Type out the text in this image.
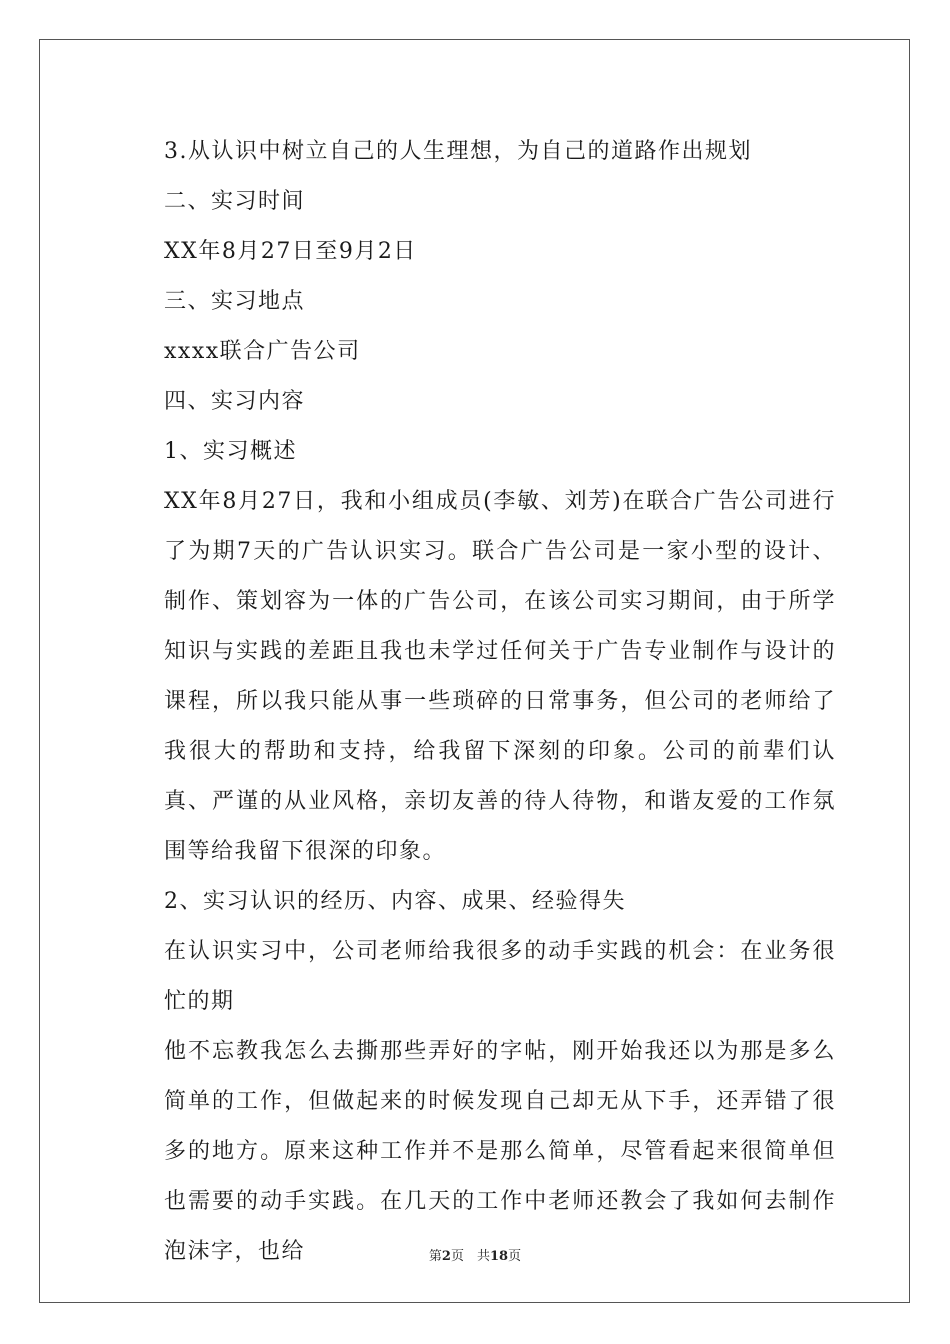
3.从认识中树立自己的人生理想，为自己的道路作出规划
二、实习时间
XX年8月27日至9月2日
三、实习地点
xxxx联合广告公司
四、实习内容
1、实习概述

XX年8月27日，我和小组成员(李敏、刘芳)在联合广告公司进行了为期7天的广告认识实习。联合广告公司是一家小型的设计、制作、策划容为一体的广告公司，在该公司实习期间，由于所学知识与实践的差距且我也未学过任何关于广告专业制作与设计的课程，所以我只能从事一些琐碎的日常事务，但公司的老师给了我很大的帮助和支持，给我留下深刻的印象。公司的前辈们认真、严谨的从业风格，亲切友善的待人待物，和谐友爱的工作氛围等给我留下很深的印象。

2、实习认识的经历、内容、成果、经验得失

在认识实习中，公司老师给我很多的动手实践的机会：在业务很忙的期

他不忘教我怎么去撕那些弄好的字帖，刚开始我还以为那是多么简单的工作，但做起来的时候发现自己却无从下手，还弄错了很多的地方。原来这种工作并不是那么简单，尽管看起来很简单但也需要的动手实践。在几天的工作中老师还教会了我如何去制作泡沫字，也给	第2页　共18页
